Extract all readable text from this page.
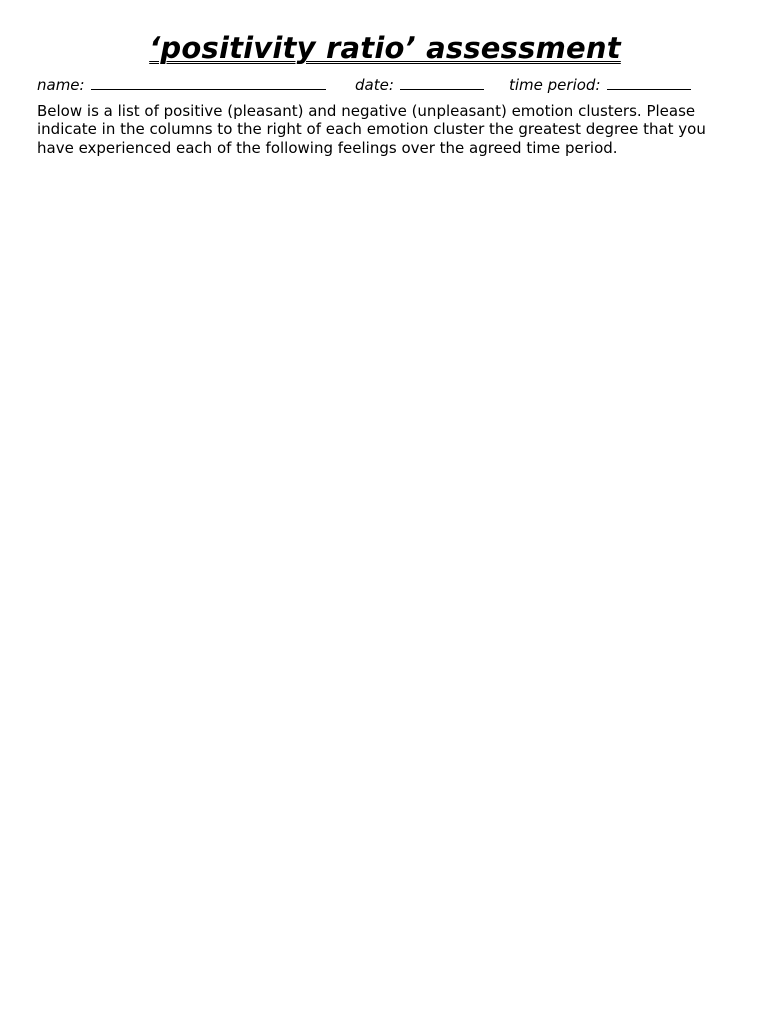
‘positivity ratio’ assessment
name:	date:	time period:

Below is a list of positive (pleasant) and negative (unpleasant) emotion clusters. Please indicate in the columns to the right of each emotion cluster the greatest degree that you have experienced each of the following feelings over the agreed time period.
